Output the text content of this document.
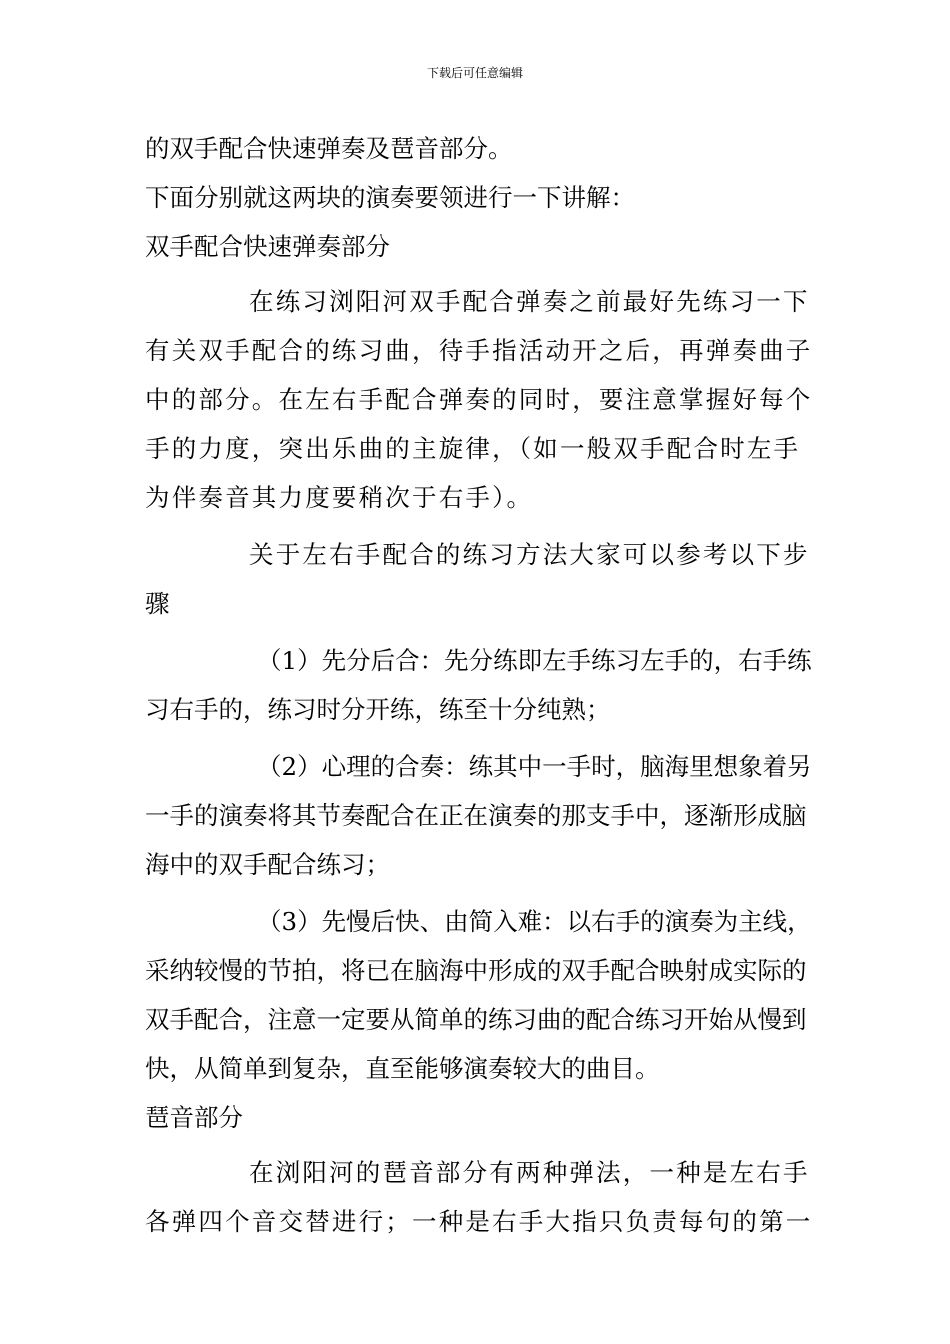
下载后可任意编辑

的双手配合快速弹奏及琶音部分。

下面分别就这两块的演奏要领进行一下讲解：

双手配合快速弹奏部分

在练习浏阳河双手配合弹奏之前最好先练习一下有关双手配合的练习曲，待手指活动开之后，再弹奏曲子中的部分。在左右手配合弹奏的同时，要注意掌握好每个手的力度，突出乐曲的主旋律，（如一般双手配合时左手为伴奏音其力度要稍次于右手）。

关于左右手配合的练习方法大家可以参考以下步骤

（1）先分后合：先分练即左手练习左手的，右手练习右手的，练习时分开练，练至十分纯熟；

（2）心理的合奏：练其中一手时，脑海里想象着另一手的演奏将其节奏配合在正在演奏的那支手中，逐渐形成脑海中的双手配合练习；

（3）先慢后快、由简入难：以右手的演奏为主线，采纳较慢的节拍，将已在脑海中形成的双手配合映射成实际的双手配合，注意一定要从简单的练习曲的配合练习开始从慢到快，从简单到复杂，直至能够演奏较大的曲目。

琶音部分

在浏阳河的琶音部分有两种弹法，一种是左右手各弹四个音交替进行；一种是右手大指只负责每句的第一
